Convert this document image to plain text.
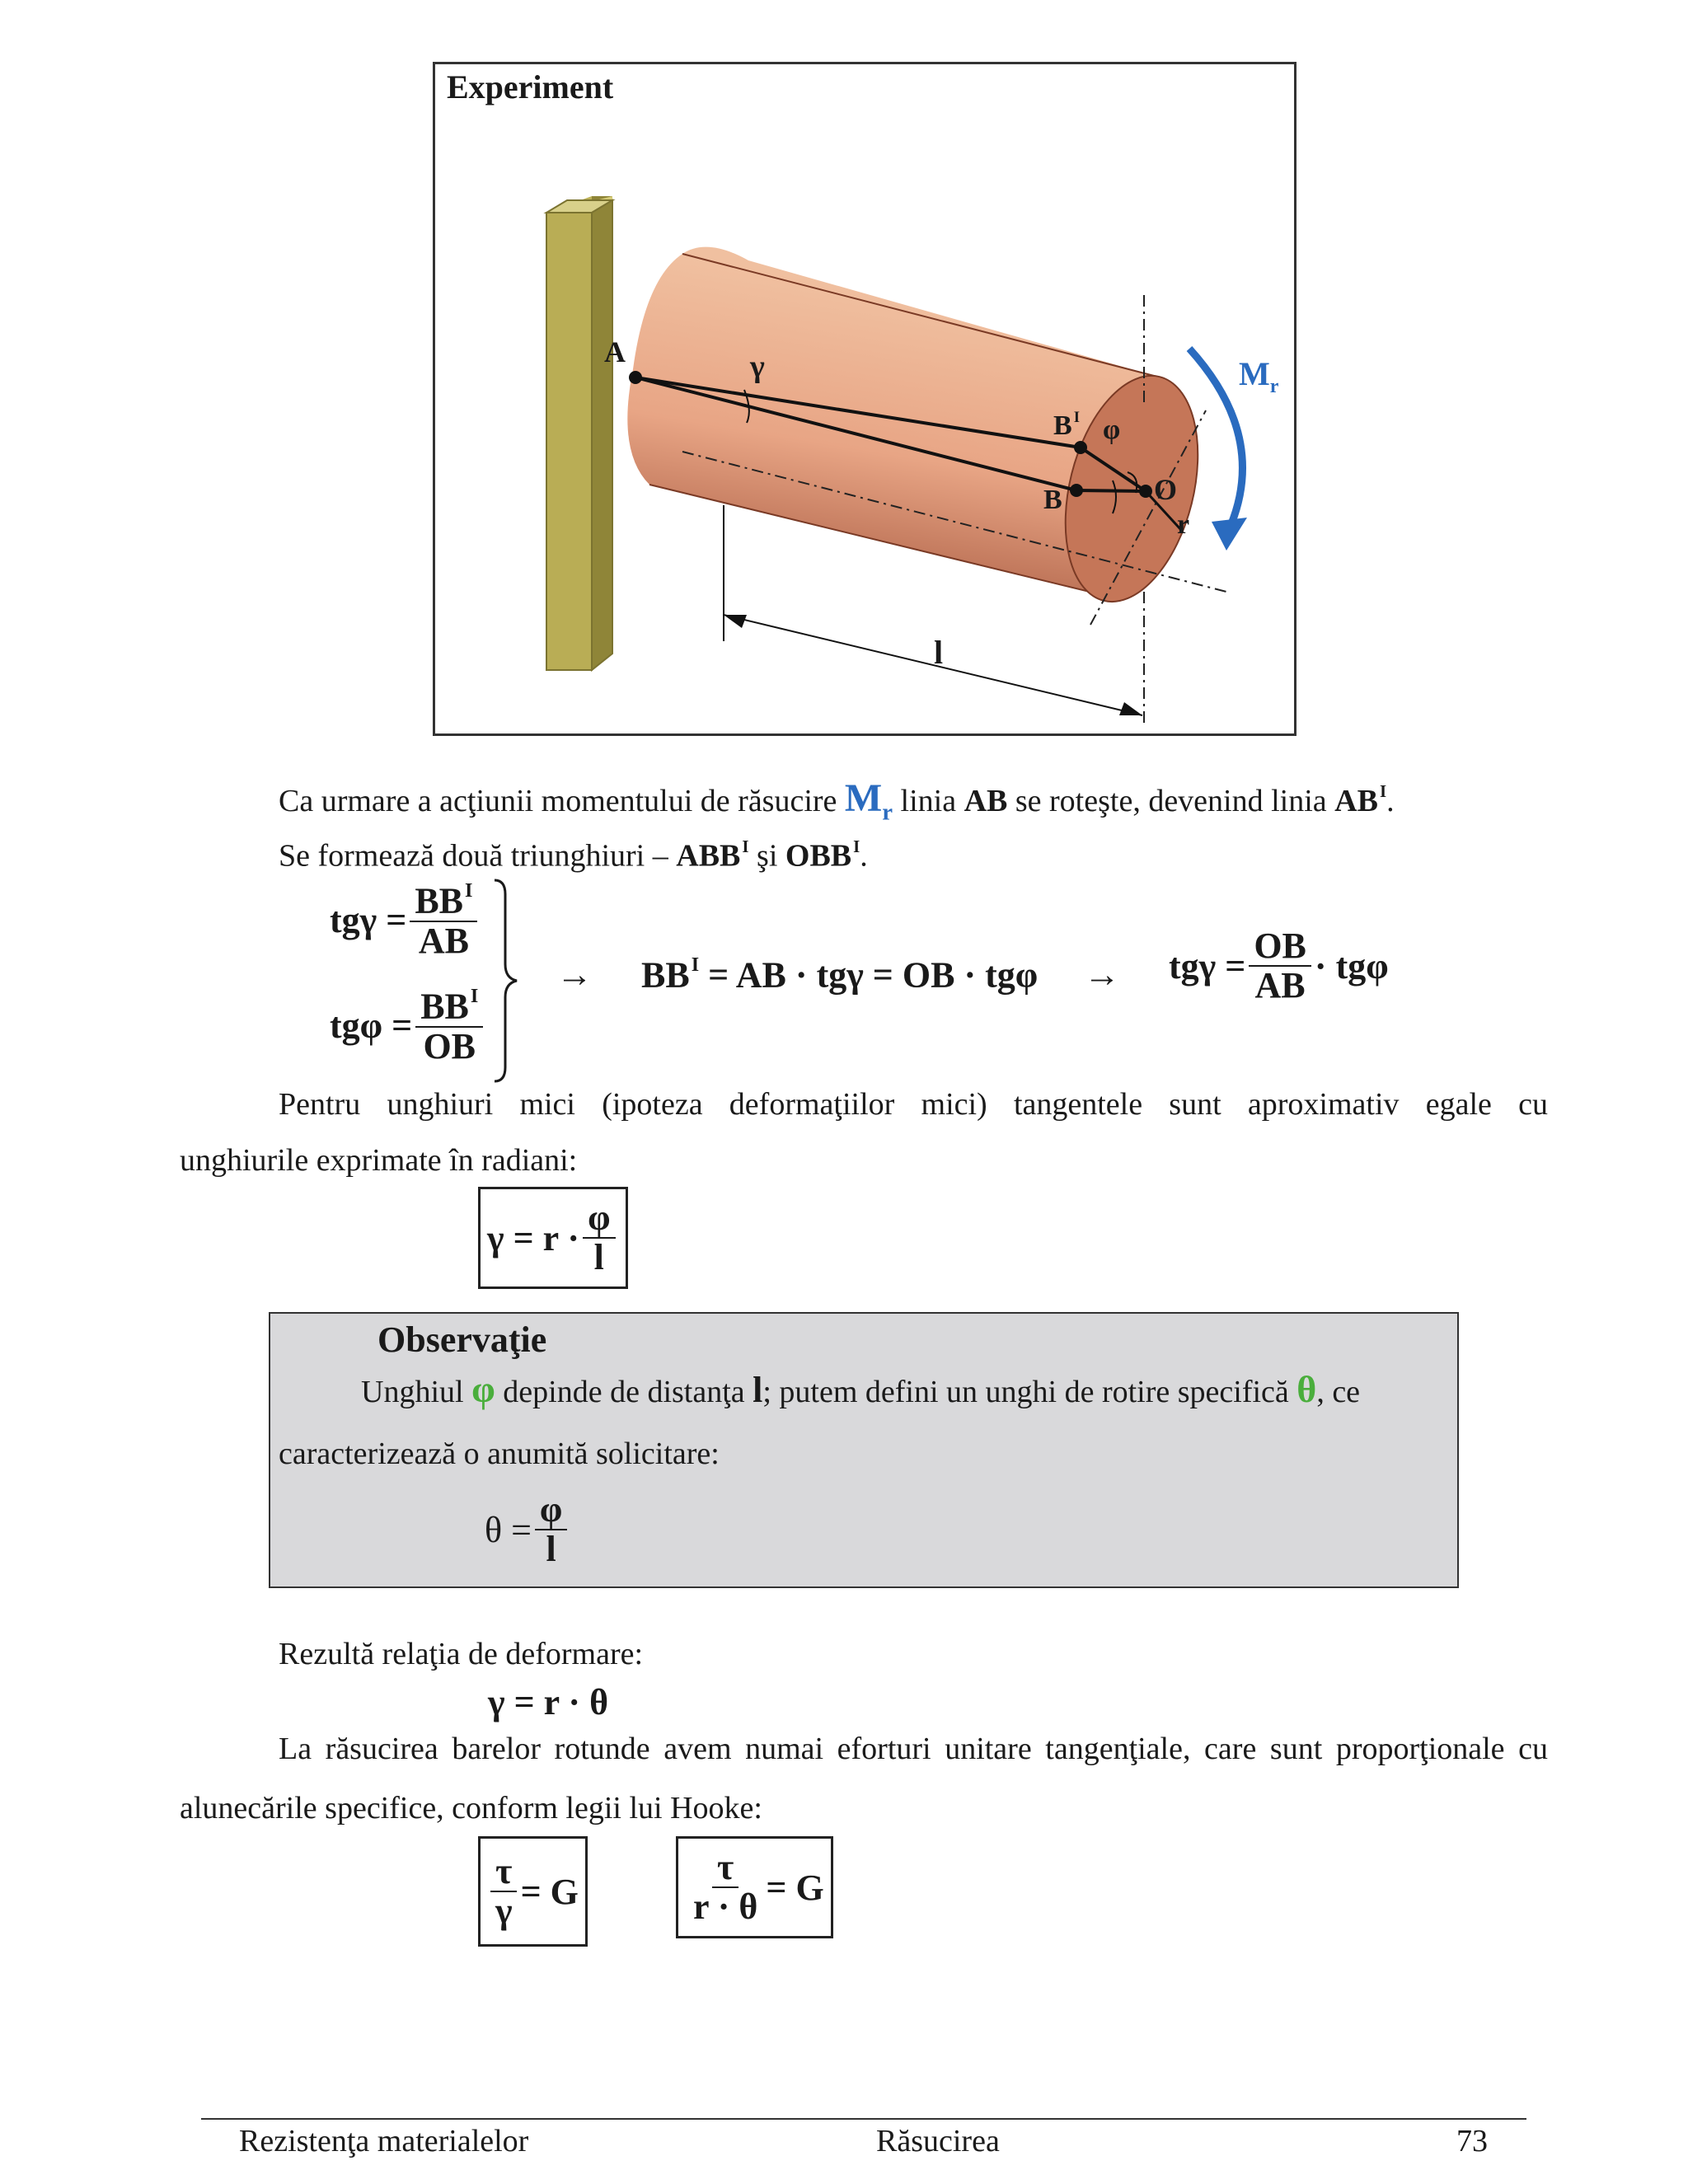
Experiment
A	γ
B $^I$ φ
B	O
r
l
$M_r$
Ca urmare a acţiunii momentului de răsucire $M_r$ linia AB se roteşte, devenind linia $AB^I$.
Se formează două triunghiuri – $ABB^I$ şi $OBB^I$.
$tg\gamma = \frac{BB^I}{AB}$
$tg\varphi = \frac{BB^I}{OB}$
→ $BB^I$ = AB · tgγ = OB · $tg\varphi \to tg\gamma = \frac{OB}{AB} \cdot tg\varphi$
Pentru unghiuri mici (ipoteza deformaţiilor mici) tangentele sunt aproximativ egale cu
unghiurile exprimate în radiani:
$\gamma = r \cdot \frac{\varphi}{l}$
Observaţie
Unghiul φ depinde de distanţa l; putem defini un unghi de rotire specifică θ, ce
caracterizează o anumită solicitare:
$\theta = \frac{\varphi}{l}$
Rezultă relaţia de deformare:
γ = r · θ
La răsucirea barelor rotunde avem numai eforturi unitare tangenţiale, care sunt proporţionale cu
alunecările specifice, conform legii lui Hooke:
$\frac{\tau}{\gamma} = G$	$\frac{\tau}{r \cdot \theta} = G$
Rezistenţa materialelor	Răsucirea	73
